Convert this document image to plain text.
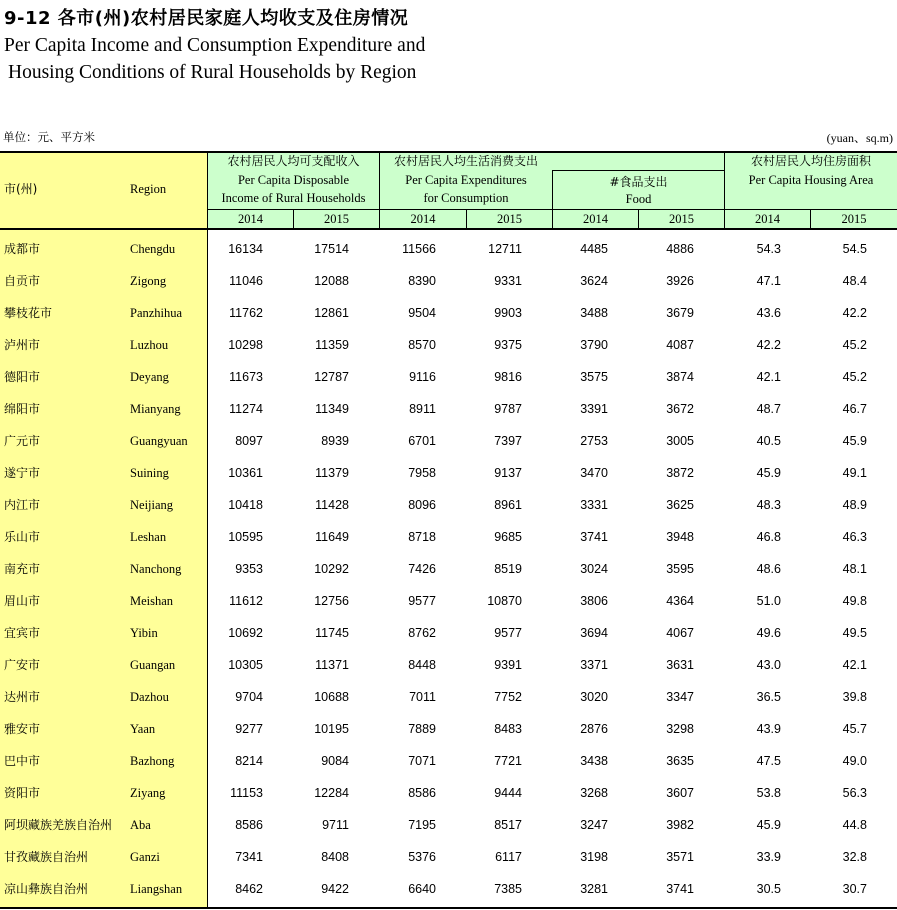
9-12 各市(州)农村居民家庭人均收支及住房情况
Per Capita Income and Consumption Expenditure and
Housing Conditions of Rural Households by Region
单位：元、平方米	(yuan、sq.m)
市(州)	Region
农村居民人均可支配收入
Per Capita Disposable
Income of Rural Households
农村居民人均生活消费支出
Per Capita Expenditures
for Consumption
#食品支出
Food
农村居民人均住房面积
Per Capita Housing Area
2014	2015	2014	2015	2014	2015	2014	2015
成都市	Chengdu	16134	17514	11566	12711	4485	4886	54.3	54.5
自贡市	Zigong	11046	12088	8390	9331	3624	3926	47.1	48.4
攀枝花市	Panzhihua	11762	12861	9504	9903	3488	3679	43.6	42.2
泸州市	Luzhou	10298	11359	8570	9375	3790	4087	42.2	45.2
德阳市	Deyang	11673	12787	9116	9816	3575	3874	42.1	45.2
绵阳市	Mianyang	11274	11349	8911	9787	3391	3672	48.7	46.7
广元市	Guangyuan	8097	8939	6701	7397	2753	3005	40.5	45.9
遂宁市	Suining	10361	11379	7958	9137	3470	3872	45.9	49.1
内江市	Neijiang	10418	11428	8096	8961	3331	3625	48.3	48.9
乐山市	Leshan	10595	11649	8718	9685	3741	3948	46.8	46.3
南充市	Nanchong	9353	10292	7426	8519	3024	3595	48.6	48.1
眉山市	Meishan	11612	12756	9577	10870	3806	4364	51.0	49.8
宜宾市	Yibin	10692	11745	8762	9577	3694	4067	49.6	49.5
广安市	Guangan	10305	11371	8448	9391	3371	3631	43.0	42.1
达州市	Dazhou	9704	10688	7011	7752	3020	3347	36.5	39.8
雅安市	Yaan	9277	10195	7889	8483	2876	3298	43.9	45.7
巴中市	Bazhong	8214	9084	7071	7721	3438	3635	47.5	49.0
资阳市	Ziyang	11153	12284	8586	9444	3268	3607	53.8	56.3
阿坝藏族羌族自治州 Aba	8586	9711	7195	8517	3247	3982	45.9	44.8
甘孜藏族自治州	Ganzi	7341	8408	5376	6117	3198	3571	33.9	32.8
凉山彝族自治州	Liangshan	8462	9422	6640	7385	3281	3741	30.5	30.7
